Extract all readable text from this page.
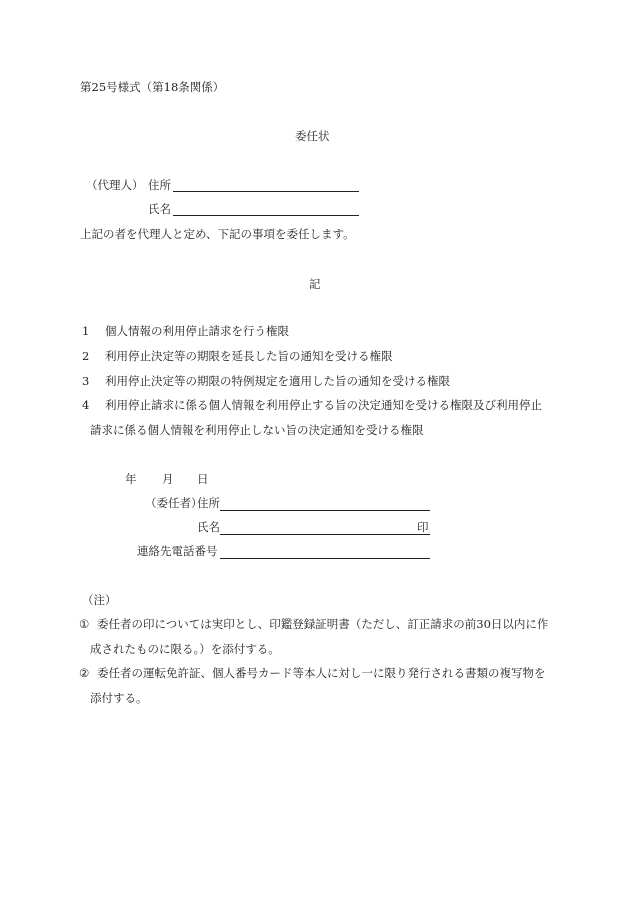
第25号様式（第18条関係）
委任状
（代理人） 住所
氏名
上記の者を代理人と定め、下記の事項を委任します。
記
1 個人情報の利用停止請求を行う権限
2 利用停止決定等の期限を延長した旨の通知を受ける権限
3 利用停止決定等の期限の特例規定を適用した旨の通知を受ける権限
4 利用停止請求に係る個人情報を利用停止する旨の決定通知を受ける権限及び利用停止
請求に係る個人情報を利用停止しない旨の決定通知を受ける権限
年 月 日
（委任者）
住所
氏名	印
連絡先電話番号
（注）
① 委任者の印については実印とし、印鑑登録証明書（ただし、訂正請求の前30日以内に作
成されたものに限る。）を添付する。
② 委任者の運転免許証、個人番号カード等本人に対し一に限り発行される書類の複写物を
添付する。
